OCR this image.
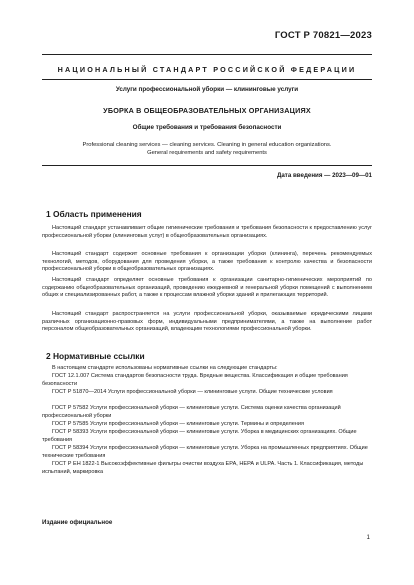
ГОСТ Р 70821—2023
НАЦИОНАЛЬНЫЙ СТАНДАРТ РОССИЙСКОЙ ФЕДЕРАЦИИ
Услуги профессиональной уборки — клининговые услуги
УБОРКА В ОБЩЕОБРАЗОВАТЕЛЬНЫХ ОРГАНИЗАЦИЯХ
Общие требования и требования безопасности
Professional cleaning services — cleaning services. Cleaning in general education organizations.
General requirements and safety requirements
Дата введения — 2023—09—01
1 Область применения
Настоящий стандарт устанавливает общие гигиенические требования и требования безопасности к предоставлению услуг профессиональной уборки (клининговых услуг) в общеобразовательных организациях.
Настоящий стандарт содержит основные требования к организации уборки (клининга), перечень рекомендуемых технологий, методов, оборудования для проведения уборки, а также требования к контролю качества и безопасности профессиональной уборки в общеобразовательных организациях.
Настоящий стандарт определяет основные требования к организации санитарно-гигиенических мероприятий по содержанию общеобразовательных организаций, проведению ежедневной и генеральной уборки помещений с выполнением общих и специализированных работ, а также к процессам влажной уборки зданий и прилегающих территорий.
Настоящий стандарт распространяется на услуги профессиональной уборки, оказываемые юридическими лицами различных организационно-правовых форм, индивидуальными предпринимателями, а также на выполнение работ персоналом общеобразовательных организаций, владеющим технологиями профессиональной уборки.
2 Нормативные ссылки
В настоящем стандарте использованы нормативные ссылки на следующие стандарты:
ГОСТ 12.1.007 Система стандартов безопасности труда. Вредные вещества. Классификация и общие требования безопасности
ГОСТ Р 51870—2014 Услуги профессиональной уборки — клининговые услуги. Общие технические условия
ГОСТ Р 57582 Услуги профессиональной уборки — клининговые услуги. Система оценки качества организаций профессиональной уборки
ГОСТ Р 57585 Услуги профессиональной уборки — клининговые услуги. Термины и определения
ГОСТ Р 58393 Услуги профессиональной уборки — клининговые услуги. Уборка в медицинских организациях. Общие требования
ГОСТ Р 58394 Услуги профессиональной уборки — клининговые услуги. Уборка на промышленных предприятиях. Общие технические требования
ГОСТ Р ЕН 1822-1 Высокоэффективные фильтры очистки воздуха ЕРА, НЕРА и ULPA. Часть 1. Классификация, методы испытаний, маркировка
Издание официальное
1
